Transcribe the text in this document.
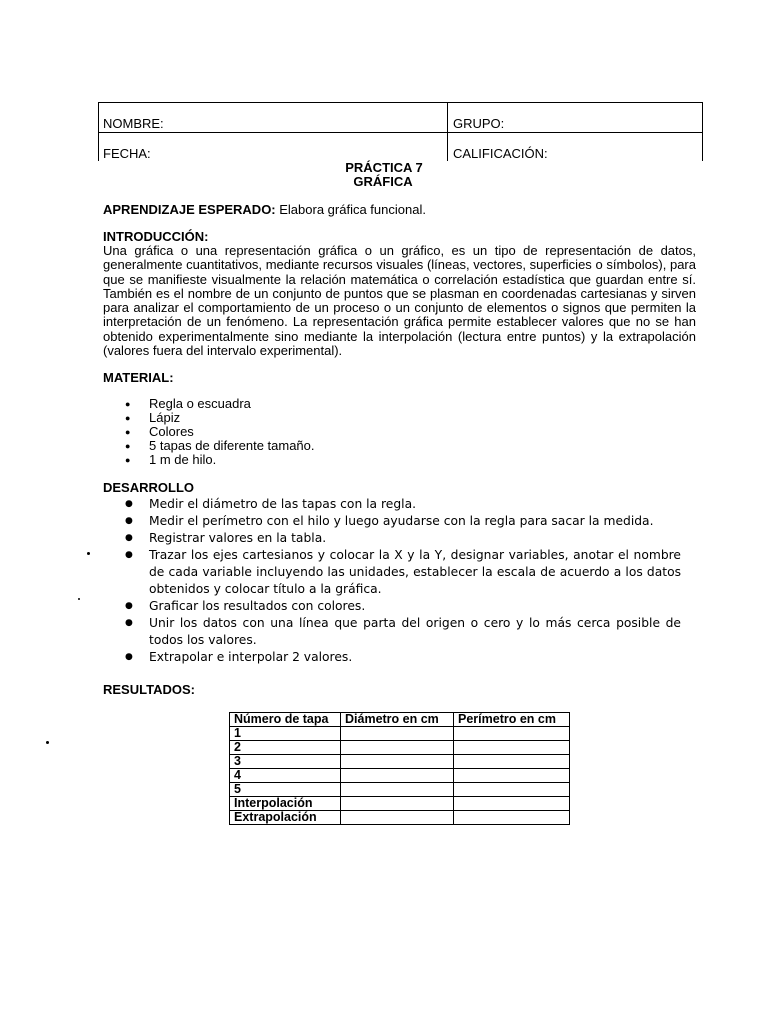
NOMBRE:	GRUPO:
FECHA:	CALIFICACIÓN:
PRÁCTICA 7
GRÁFICA
APRENDIZAJE ESPERADO: Elabora gráfica funcional.
INTRODUCCIÓN:
Una gráfica o una representación gráfica o un gráfico, es un tipo de representación de datos, generalmente cuantitativos, mediante recursos visuales (líneas, vectores, superficies o símbolos), para que se manifieste visualmente la relación matemática o correlación estadística que guardan entre sí. También es el nombre de un conjunto de puntos que se plasman en coordenadas cartesianas y sirven para analizar el comportamiento de un proceso o un conjunto de elementos o signos que permiten la interpretación de un fenómeno. La representación gráfica permite establecer valores que no se han obtenido experimentalmente sino mediante la interpolación (lectura entre puntos) y la extrapolación (valores fuera del intervalo experimental).
MATERIAL:
● Regla o escuadra
● Lápiz
● Colores
● 5 tapas de diferente tamaño.
● 1 m de hilo.
DESARROLLO
● Medir el diámetro de las tapas con la regla.
● Medir el perímetro con el hilo y luego ayudarse con la regla para sacar la medida.
● Registrar valores en la tabla.
● Trazar los ejes cartesianos y colocar la X y la Y, designar variables, anotar el nombre de cada variable incluyendo las unidades, establecer la escala de acuerdo a los datos obtenidos y colocar título a la gráfica.
● Graficar los resultados con colores.
● Unir los datos con una línea que parta del origen o cero y lo más cerca posible de todos los valores.
● Extrapolar e interpolar 2 valores.
RESULTADOS:
Número de tapa	Diámetro en cm	Perímetro en cm
1		
2		
3		
4		
5		
Interpolación		
Extrapolación		
